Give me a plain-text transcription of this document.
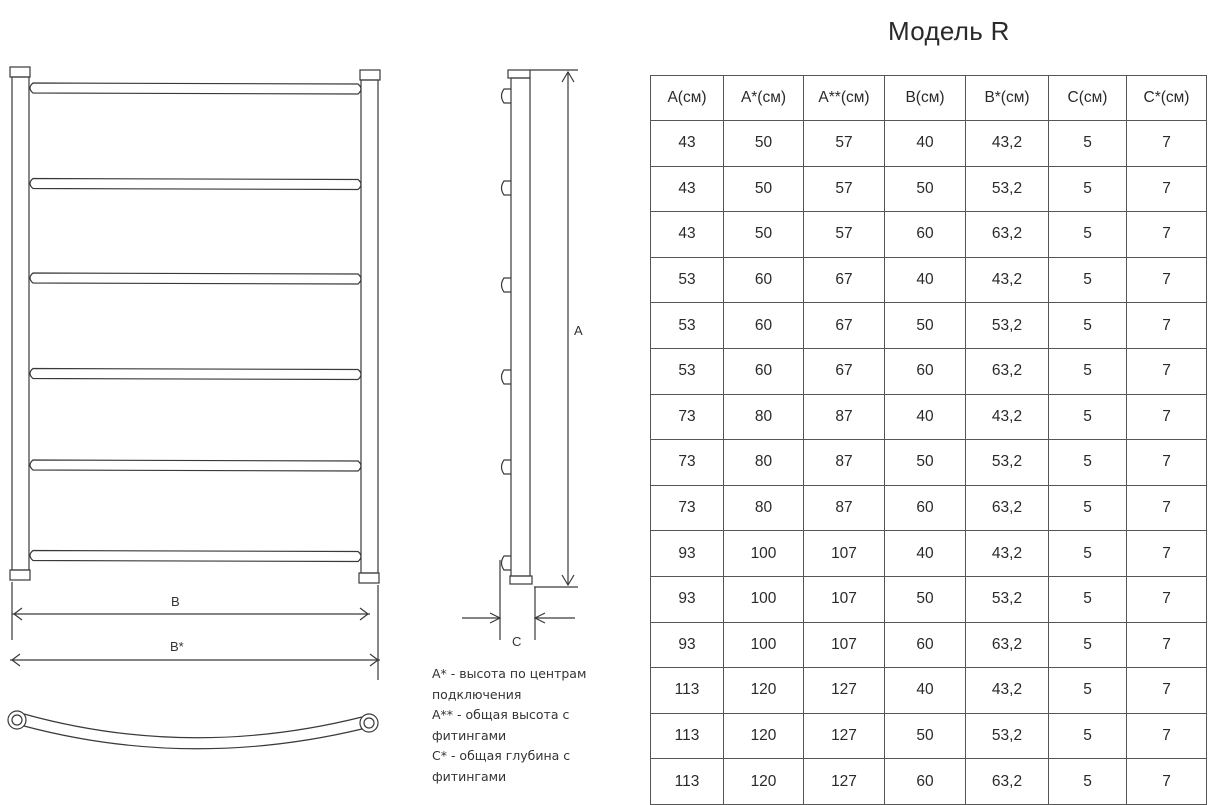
B
B*
A
C
Модель R
A* - высота по центрам подключения
A** - общая высота с фитингами
C* - общая глубина с фитингами
A(см)	A*(см)	A**(см)	B(см)	B*(см)	C(см)	C*(см)
43	50	57	40	43,2	5	7
43	50	57	50	53,2	5	7
43	50	57	60	63,2	5	7
53	60	67	40	43,2	5	7
53	60	67	50	53,2	5	7
53	60	67	60	63,2	5	7
73	80	87	40	43,2	5	7
73	80	87	50	53,2	5	7
73	80	87	60	63,2	5	7
93	100	107	40	43,2	5	7
93	100	107	50	53,2	5	7
93	100	107	60	63,2	5	7
113	120	127	40	43,2	5	7
113	120	127	50	53,2	5	7
113	120	127	60	63,2	5	7
